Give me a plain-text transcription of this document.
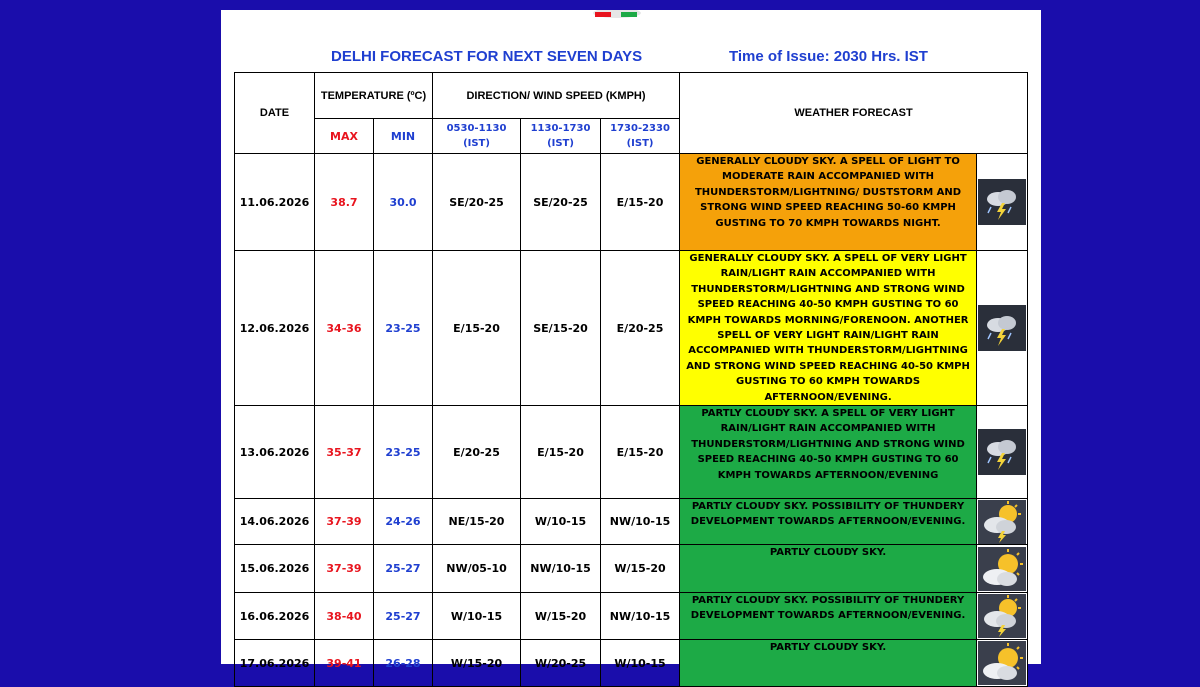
DELHI FORECAST FOR NEXT SEVEN DAYS	Time of Issue: 2030 Hrs. IST
DATE	TEMPERATURE (ºC)		DIRECTION/ WIND SPEED (KMPH)			WEATHER FORECAST	
	MAX	MIN	0530-1130 (IST)	1130-1730 (IST)	1730-2330 (IST)		
11.06.2026	38.7	30.0	SE/20-25	SE/20-25	E/15-20	GENERALLY CLOUDY SKY. A SPELL OF LIGHT TO MODERATE RAIN ACCOMPANIED WITH THUNDERSTORM/LIGHTNING/ DUSTSTORM AND STRONG WIND SPEED REACHING 50-60 KMPH GUSTING TO 70 KMPH TOWARDS NIGHT.	

12.06.2026	34-36	23-25	E/15-20	SE/15-20	E/20-25	GENERALLY CLOUDY SKY. A SPELL OF VERY LIGHT RAIN/LIGHT RAIN ACCOMPANIED WITH THUNDERSTORM/LIGHTNING AND STRONG WIND SPEED REACHING 40-50 KMPH GUSTING TO 60 KMPH TOWARDS MORNING/FORENOON. ANOTHER SPELL OF VERY LIGHT RAIN/LIGHT RAIN ACCOMPANIED WITH THUNDERSTORM/LIGHTNING AND STRONG WIND SPEED REACHING 40-50 KMPH GUSTING TO 60 KMPH TOWARDS AFTERNOON/EVENING.	

13.06.2026	35-37	23-25	E/20-25	E/15-20	E/15-20	PARTLY CLOUDY SKY. A SPELL OF VERY LIGHT RAIN/LIGHT RAIN ACCOMPANIED WITH THUNDERSTORM/LIGHTNING AND STRONG WIND SPEED REACHING 40-50 KMPH GUSTING TO 60 KMPH TOWARDS AFTERNOON/EVENING	

14.06.2026	37-39	24-26	NE/15-20	W/10-15	NW/10-15	PARTLY CLOUDY SKY. POSSIBILITY OF THUNDERY DEVELOPMENT TOWARDS AFTERNOON/EVENING.	

15.06.2026	37-39	25-27	NW/05-10	NW/10-15	W/15-20	PARTLY CLOUDY SKY.	

16.06.2026	38-40	25-27	W/10-15	W/15-20	NW/10-15	PARTLY CLOUDY SKY. POSSIBILITY OF THUNDERY DEVELOPMENT TOWARDS AFTERNOON/EVENING.	

17.06.2026	39-41	26-28	W/15-20	W/20-25	W/10-15	PARTLY CLOUDY SKY.	
